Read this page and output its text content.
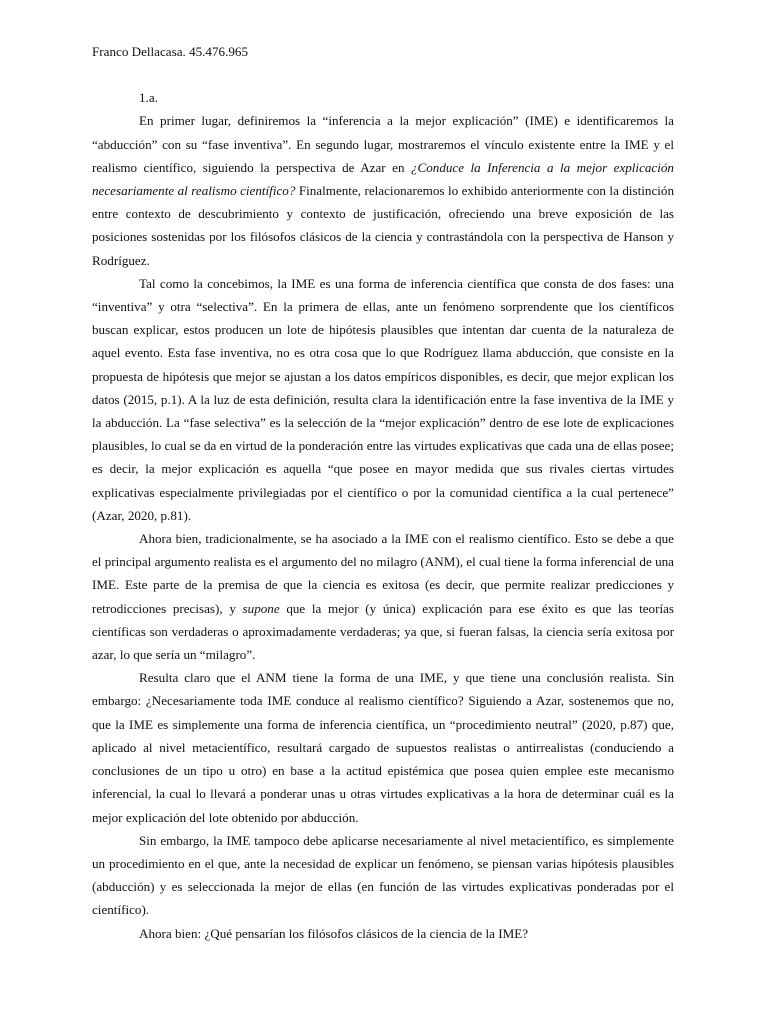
Franco Dellacasa. 45.476.965

1.a.

En primer lugar, definiremos la “inferencia a la mejor explicación” (IME) e identificaremos la “abducción” con su “fase inventiva”. En segundo lugar, mostraremos el vínculo existente entre la IME y el realismo científico, siguiendo la perspectiva de Azar en ¿Conduce la Inferencia a la mejor explicación necesariamente al realismo científico? Finalmente, relacionaremos lo exhibido anteriormente con la distinción entre contexto de descubrimiento y contexto de justificación, ofreciendo una breve exposición de las posiciones sostenidas por los filósofos clásicos de la ciencia y contrastándola con la perspectiva de Hanson y Rodríguez.

Tal como la concebimos, la IME es una forma de inferencia científica que consta de dos fases: una “inventiva” y otra “selectiva”. En la primera de ellas, ante un fenómeno sorprendente que los científicos buscan explicar, estos producen un lote de hipótesis plausibles que intentan dar cuenta de la naturaleza de aquel evento. Esta fase inventiva, no es otra cosa que lo que Rodríguez llama abducción, que consiste en la propuesta de hipótesis que mejor se ajustan a los datos empíricos disponibles, es decir, que mejor explican los datos (2015, p.1). A la luz de esta definición, resulta clara la identificación entre la fase inventiva de la IME y la abducción. La “fase selectiva” es la selección de la “mejor explicación” dentro de ese lote de explicaciones plausibles, lo cual se da en virtud de la ponderación entre las virtudes explicativas que cada una de ellas posee; es decir, la mejor explicación es aquella “que posee en mayor medida que sus rivales ciertas virtudes explicativas especialmente privilegiadas por el científico o por la comunidad científica a la cual pertenece” (Azar, 2020, p.81).

Ahora bien, tradicionalmente, se ha asociado a la IME con el realismo científico. Esto se debe a que el principal argumento realista es el argumento del no milagro (ANM), el cual tiene la forma inferencial de una IME. Este parte de la premisa de que la ciencia es exitosa (es decir, que permite realizar predicciones y retrodicciones precisas), y supone que la mejor (y única) explicación para ese éxito es que las teorías científicas son verdaderas o aproximadamente verdaderas; ya que, si fueran falsas, la ciencia sería exitosa por azar, lo que sería un “milagro”.

Resulta claro que el ANM tiene la forma de una IME, y que tiene una conclusión realista. Sin embargo: ¿Necesariamente toda IME conduce al realismo científico? Siguiendo a Azar, sostenemos que no, que la IME es simplemente una forma de inferencia científica, un “procedimiento neutral” (2020, p.87) que, aplicado al nivel metacientífico, resultará cargado de supuestos realistas o antirrealistas (conduciendo a conclusiones de un tipo u otro) en base a la actitud epistémica que posea quien emplee este mecanismo inferencial, la cual lo llevará a ponderar unas u otras virtudes explicativas a la hora de determinar cuál es la mejor explicación del lote obtenido por abducción.

Sin embargo, la IME tampoco debe aplicarse necesariamente al nivel metacientífico, es simplemente un procedimiento en el que, ante la necesidad de explicar un fenómeno, se piensan varias hipótesis plausibles (abducción) y es seleccionada la mejor de ellas (en función de las virtudes explicativas ponderadas por el científico).

Ahora bien: ¿Qué pensarían los filósofos clásicos de la ciencia de la IME?
